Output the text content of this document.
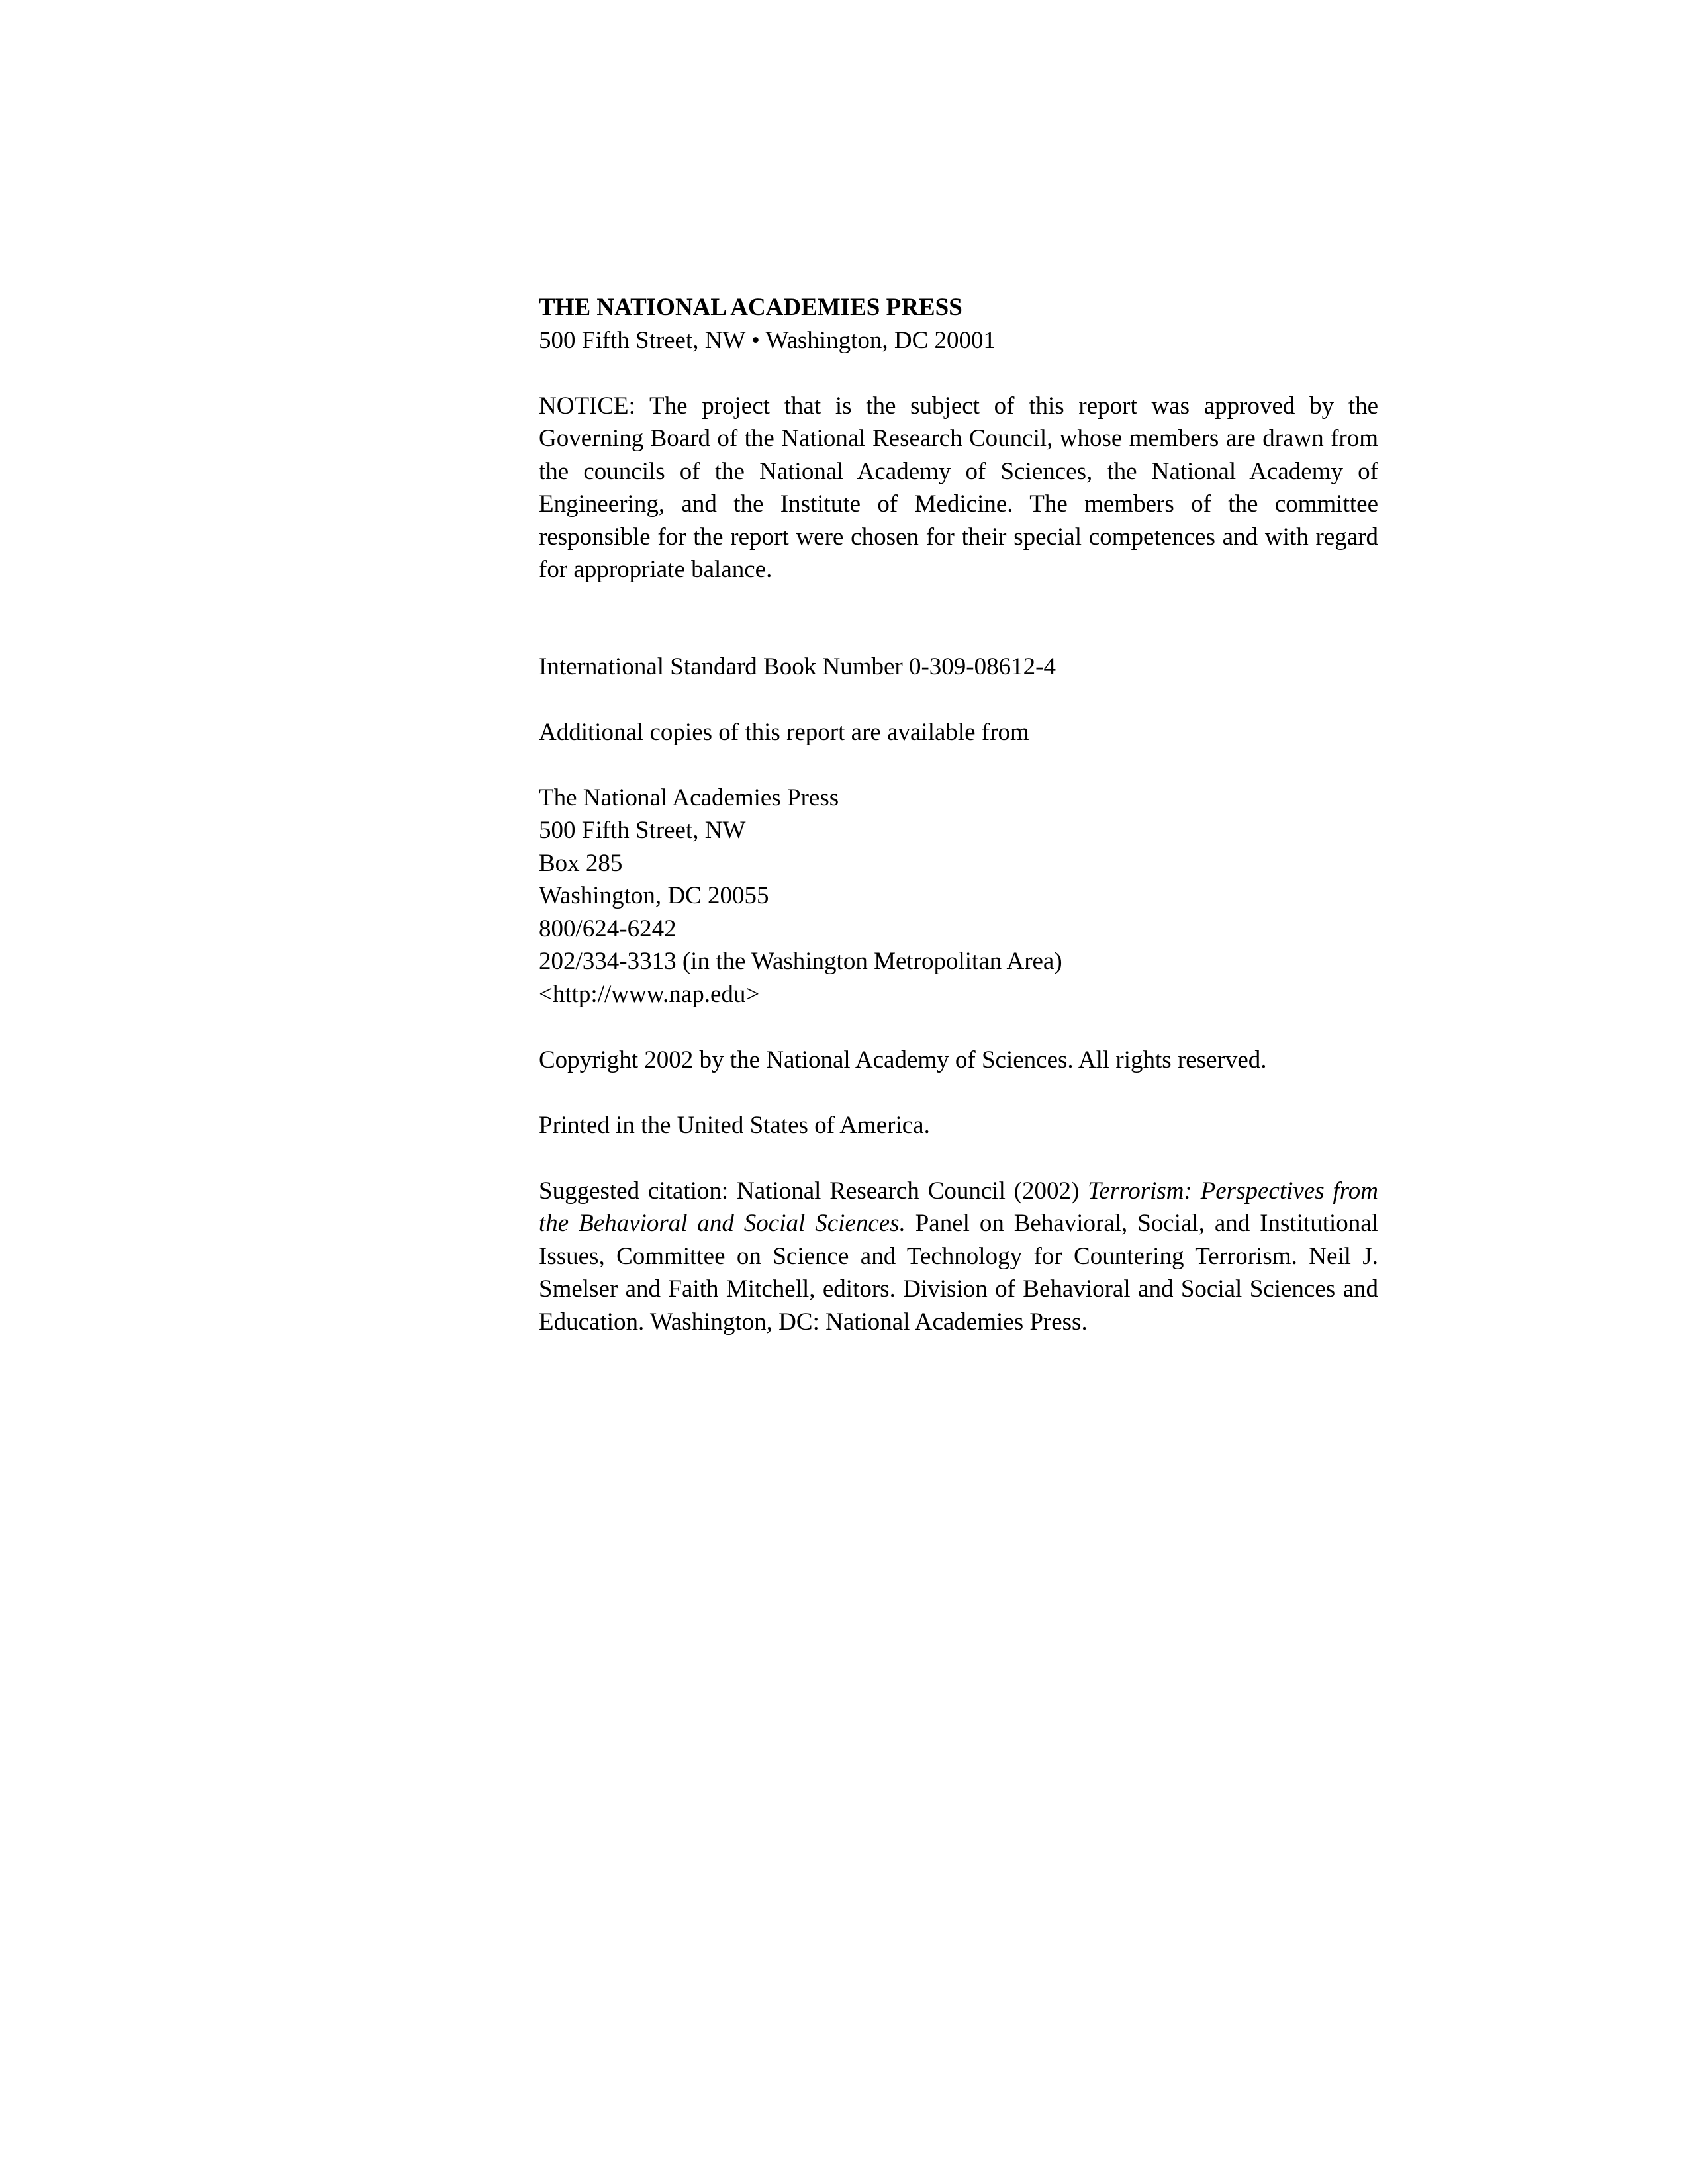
THE NATIONAL ACADEMIES PRESS
500 Fifth Street, NW • Washington, DC 20001

NOTICE: The project that is the subject of this report was approved by the Governing Board of the National Research Council, whose members are drawn from the councils of the National Academy of Sciences, the National Academy of Engineering, and the Institute of Medicine. The members of the committee responsible for the report were chosen for their special competences and with regard for appropriate balance.

International Standard Book Number 0-309-08612-4

Additional copies of this report are available from

The National Academies Press
500 Fifth Street, NW
Box 285
Washington, DC 20055
800/624-6242
202/334-3313 (in the Washington Metropolitan Area)
<http://www.nap.edu>

Copyright 2002 by the National Academy of Sciences. All rights reserved.

Printed in the United States of America.

Suggested citation: National Research Council (2002) Terrorism: Perspectives from the Behavioral and Social Sciences. Panel on Behavioral, Social, and Institutional Issues, Committee on Science and Technology for Countering Terrorism. Neil J. Smelser and Faith Mitchell, editors. Division of Behavioral and Social Sciences and Education. Washington, DC: National Academies Press.
